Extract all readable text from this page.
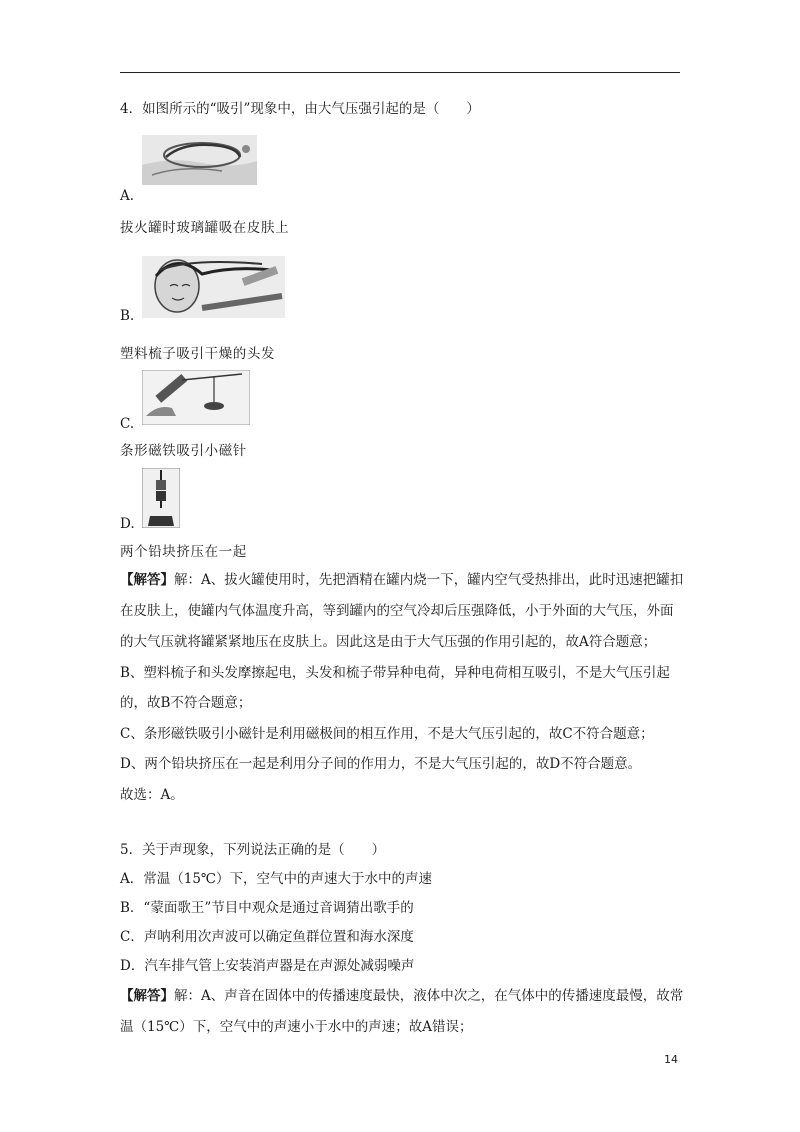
4．如图所示的“吸引”现象中，由大气压强引起的是（　　）
A.
拔火罐时玻璃罐吸在皮肤上
B.
塑料梳子吸引干燥的头发
C.
条形磁铁吸引小磁针
D.
两个铅块挤压在一起
【解答】解：A、拔火罐使用时，先把酒精在罐内烧一下，罐内空气受热排出，此时迅速把罐扣
在皮肤上，使罐内气体温度升高，等到罐内的空气冷却后压强降低，小于外面的大气压，外面
的大气压就将罐紧紧地压在皮肤上。因此这是由于大气压强的作用引起的，故A符合题意；
B、塑料梳子和头发摩擦起电，头发和梳子带异种电荷，异种电荷相互吸引，不是大气压引起
的，故B不符合题意；
C、条形磁铁吸引小磁针是利用磁极间的相互作用，不是大气压引起的，故C不符合题意；
D、两个铅块挤压在一起是利用分子间的作用力，不是大气压引起的，故D不符合题意。
故选：A。
5．关于声现象，下列说法正确的是（　　）
A．常温（15℃）下，空气中的声速大于水中的声速
B．“蒙面歌王”节目中观众是通过音调猜出歌手的
C．声呐利用次声波可以确定鱼群位置和海水深度
D．汽车排气管上安装消声器是在声源处减弱噪声
【解答】解：A、声音在固体中的传播速度最快，液体中次之，在气体中的传播速度最慢，故常
温（15℃）下，空气中的声速小于水中的声速；故A错误；
14
